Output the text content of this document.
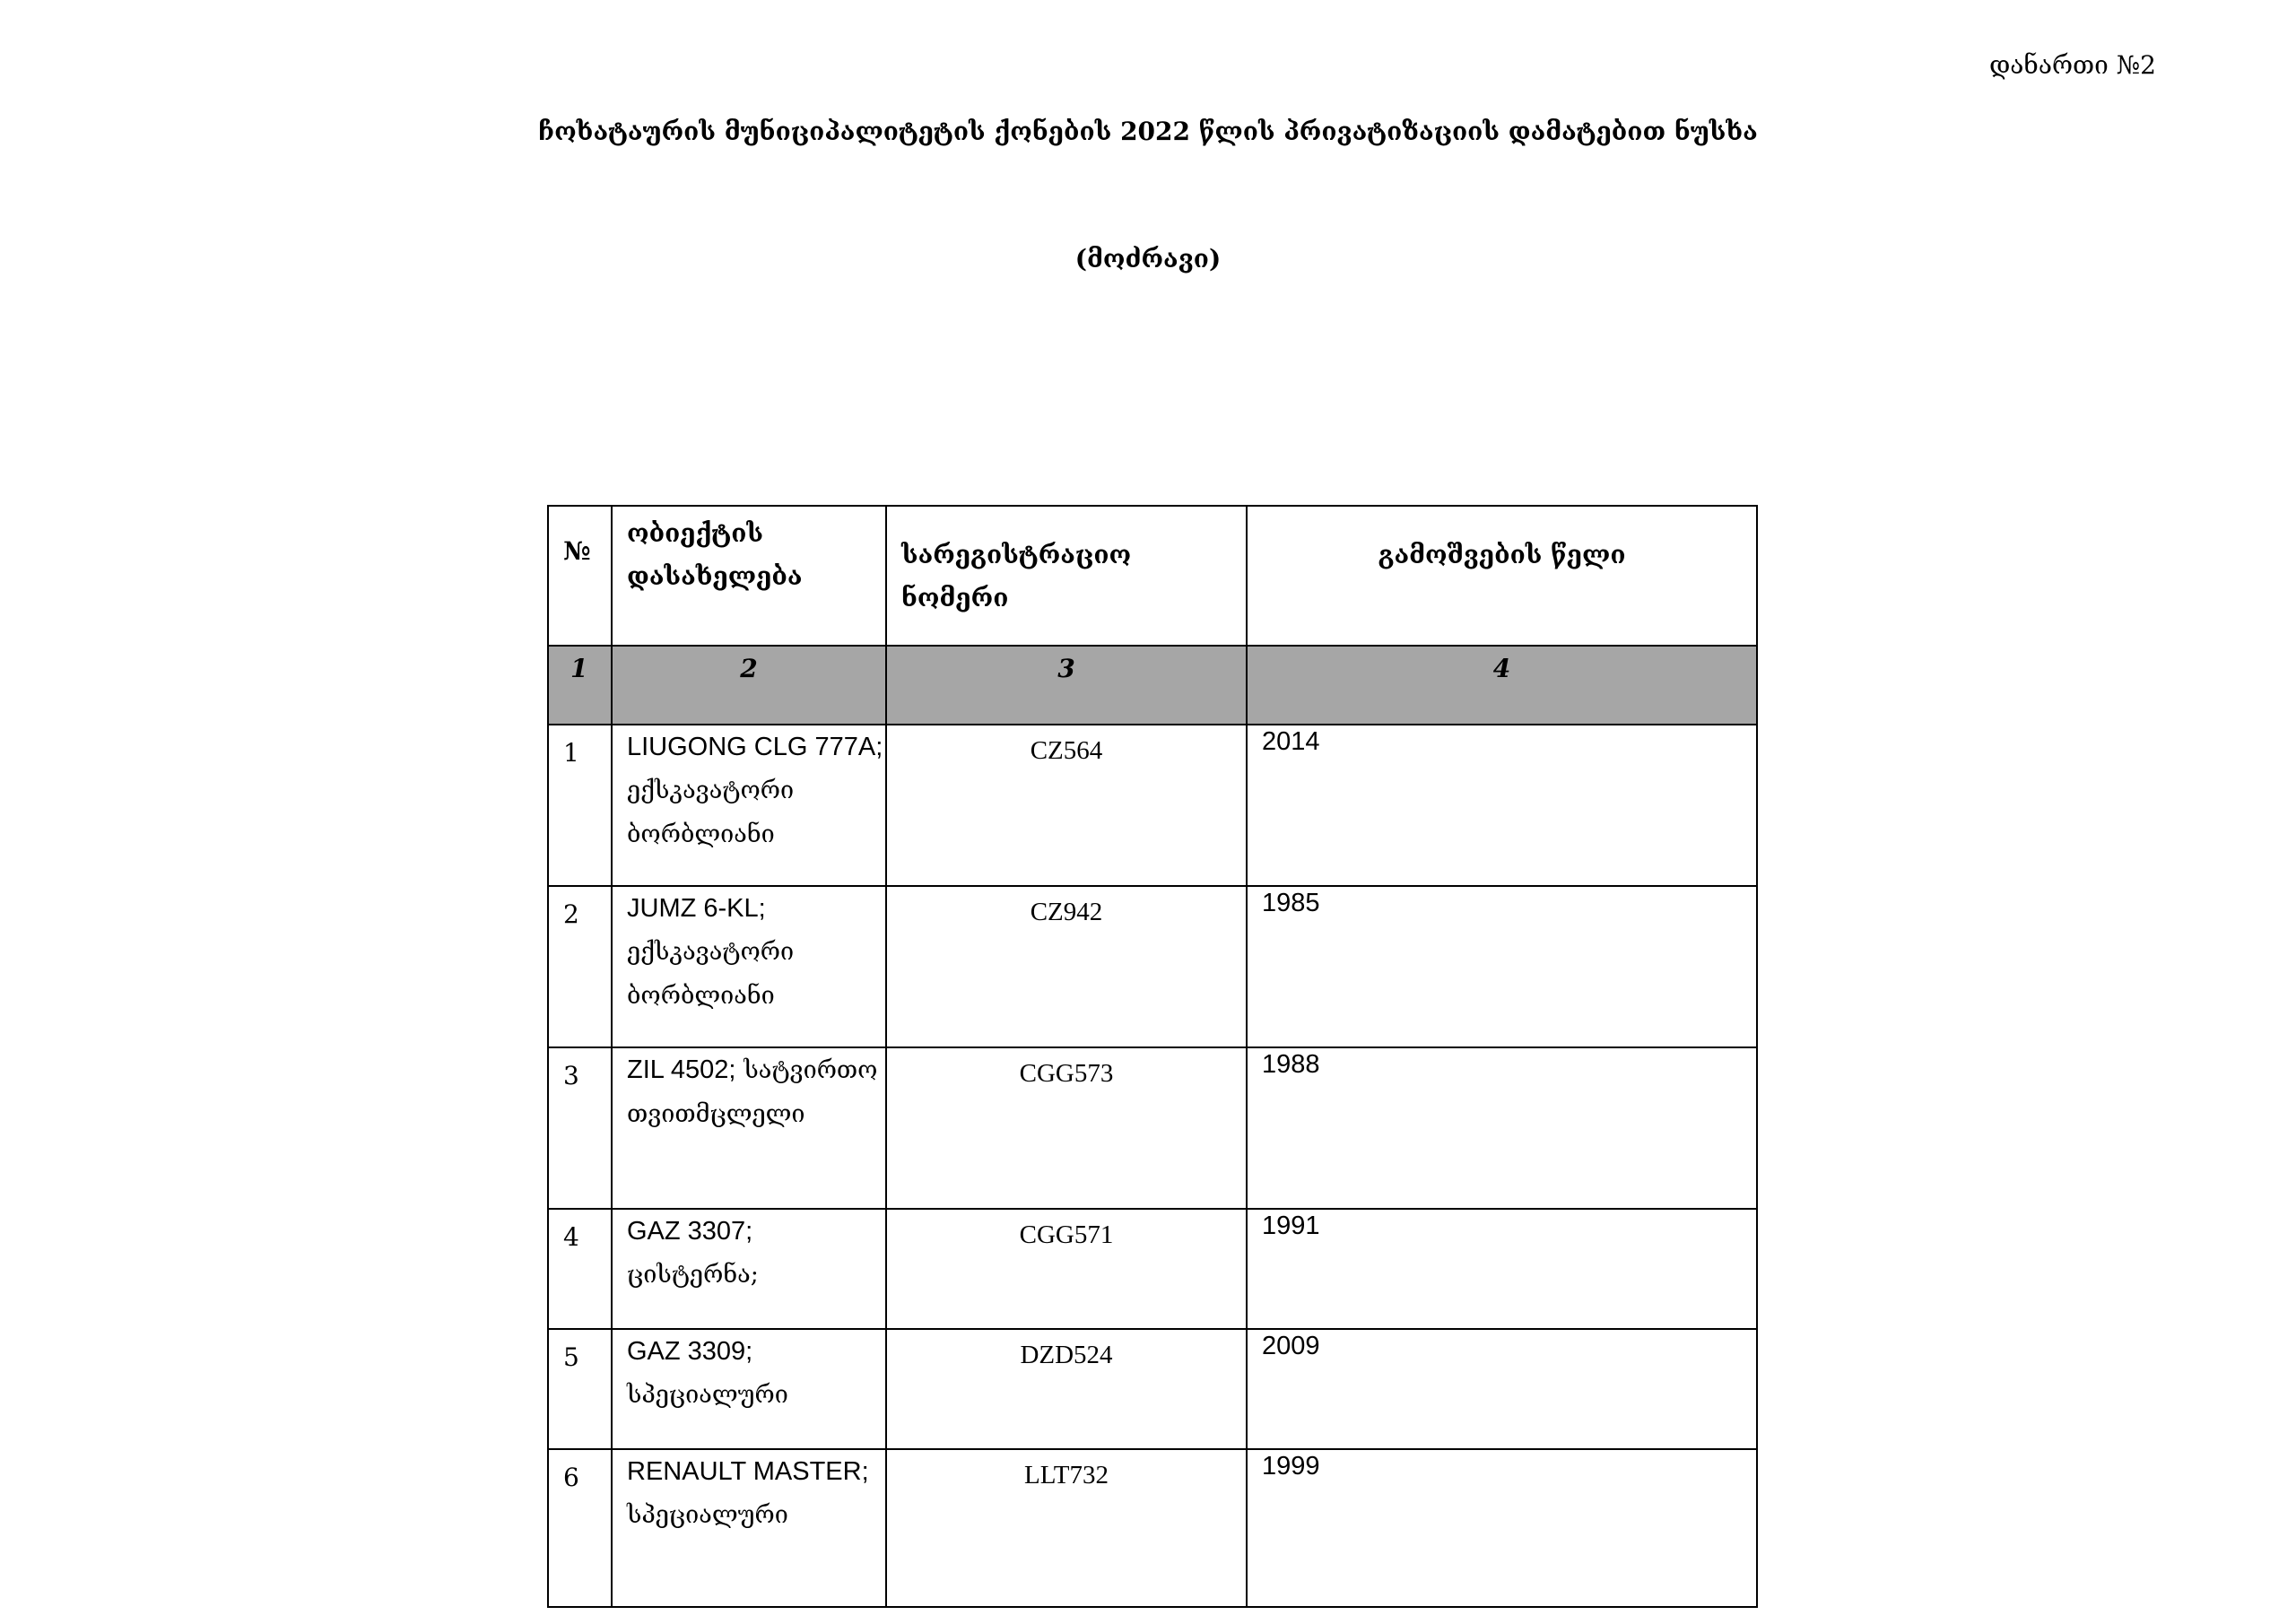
დანართი №2
ჩოხატაურის მუნიციპალიტეტის ქონების 2022 წლის პრივატიზაციის დამატებით ნუსხა
(მოძრავი)
№	ობიექტის დასახელება	სარეგისტრაციო ნომერი	გამოშვების წელი
1	2	3	4
1	LIUGONG CLG 777A; ექსკავატორი ბორბლიანი	CZ564	2014
2	JUMZ 6-KL; ექსკავატორი ბორბლიანი	CZ942	1985
3	ZIL 4502; სატვირთო თვითმცლელი	CGG573	1988
4	GAZ 3307; ცისტერნა;	CGG571	1991
5	GAZ 3309; სპეციალური	DZD524	2009
6	RENAULT MASTER; სპეციალური	LLT732	1999
